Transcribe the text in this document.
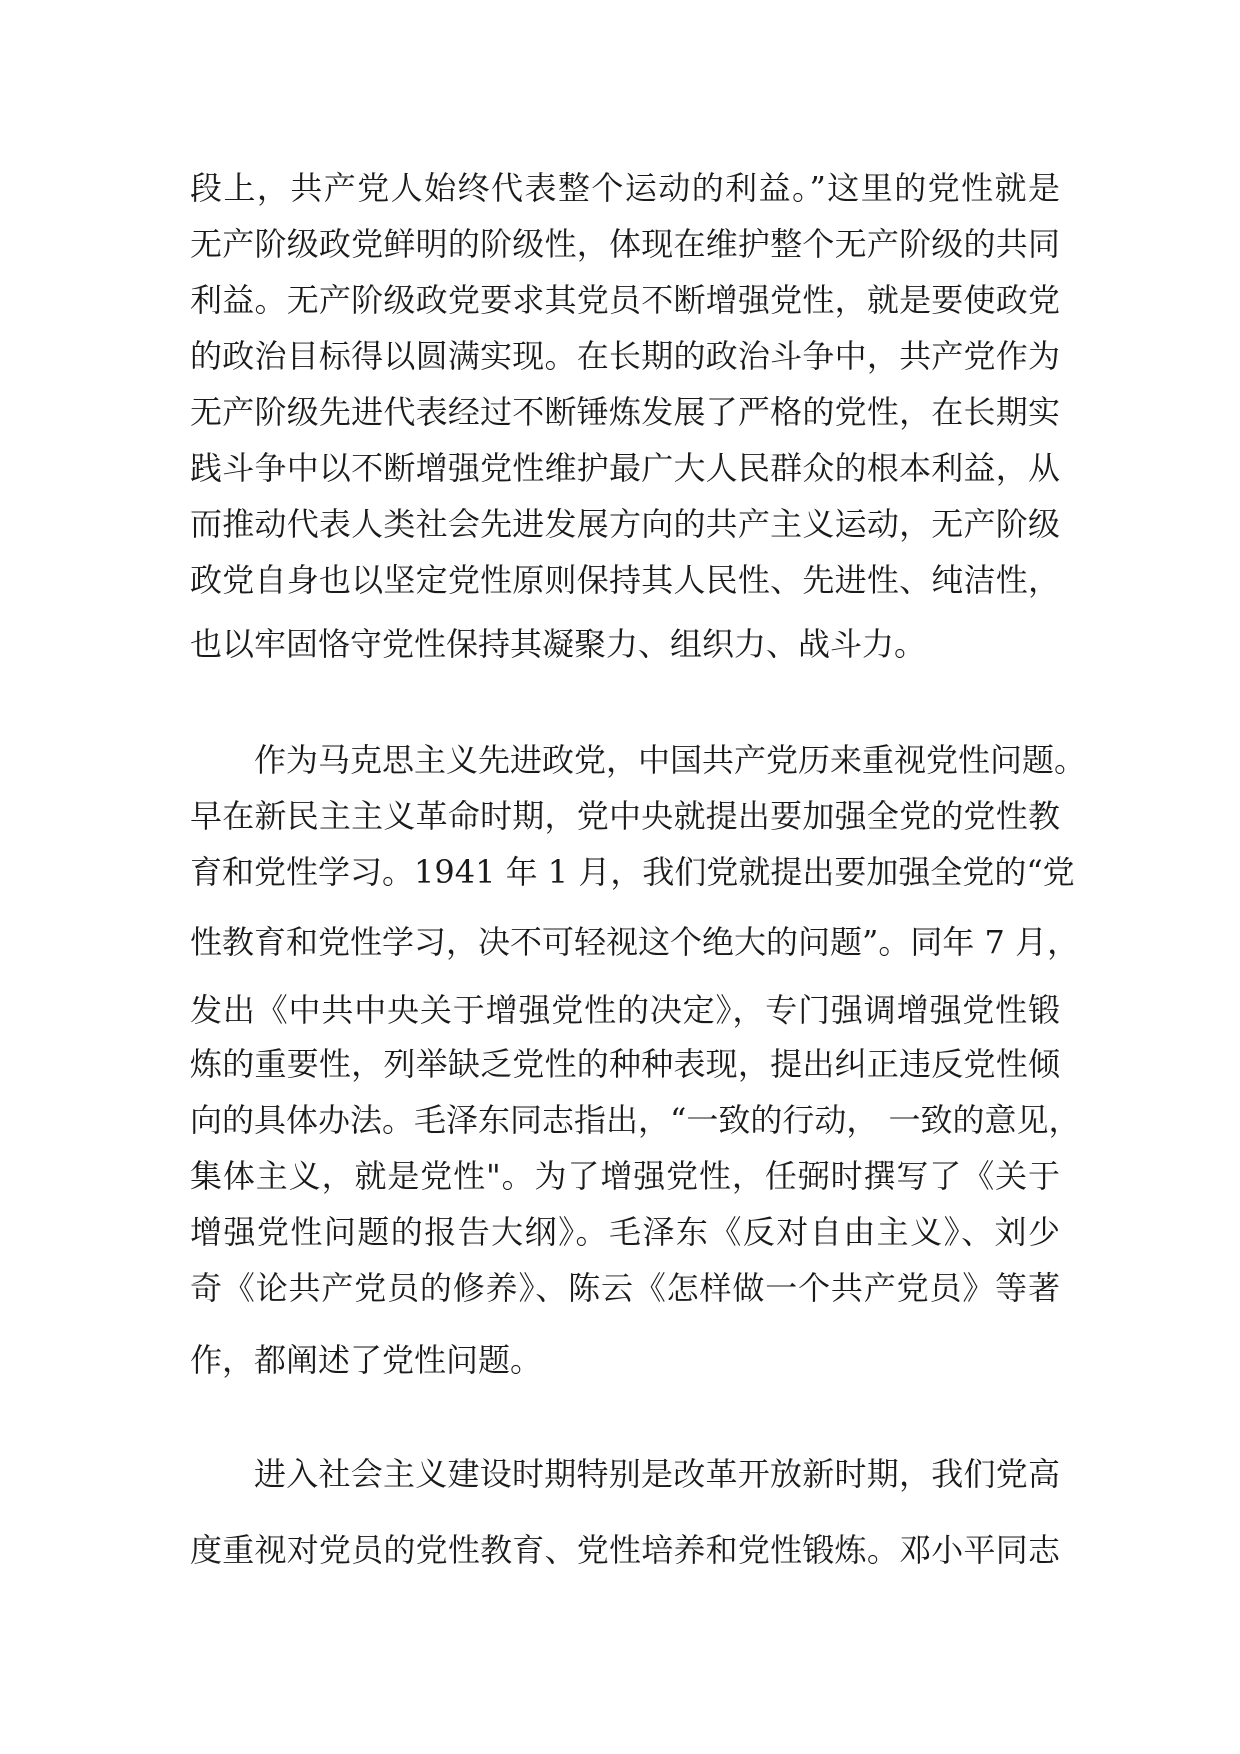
段上，共产党人始终代表整个运动的利益。”这里的党性就是
无产阶级政党鲜明的阶级性，体现在维护整个无产阶级的共同
利益。无产阶级政党要求其党员不断增强党性，就是要使政党
的政治目标得以圆满实现。在长期的政治斗争中，共产党作为
无产阶级先进代表经过不断锤炼发展了严格的党性，在长期实
践斗争中以不断增强党性维护最广大人民群众的根本利益，从
而推动代表人类社会先进发展方向的共产主义运动，无产阶级
政党自身也以坚定党性原则保持其人民性、先进性、纯洁性，
也以牢固恪守党性保持其凝聚力、组织力、战斗力。
作为马克思主义先进政党，中国共产党历来重视党性问题。
早在新民主主义革命时期，党中央就提出要加强全党的党性教
育和党性学习。1941 年 1 月，我们党就提出要加强全党的“党
性教育和党性学习，决不可轻视这个绝大的问题”。同年 7 月，
发出《中共中央关于增强党性的决定》，专门强调增强党性锻
炼的重要性，列举缺乏党性的种种表现，提出纠正违反党性倾
向的具体办法。毛泽东同志指出，“一致的行动， 一致的意见，
集体主义，就是党性"。为了增强党性，任弼时撰写了《关于
增强党性问题的报告大纲》。毛泽东《反对自由主义》、刘少
奇《论共产党员的修养》、陈云《怎样做一个共产党员》等著
作，都阐述了党性问题。
进入社会主义建设时期特别是改革开放新时期，我们党高
度重视对党员的党性教育、党性培养和党性锻炼。邓小平同志
